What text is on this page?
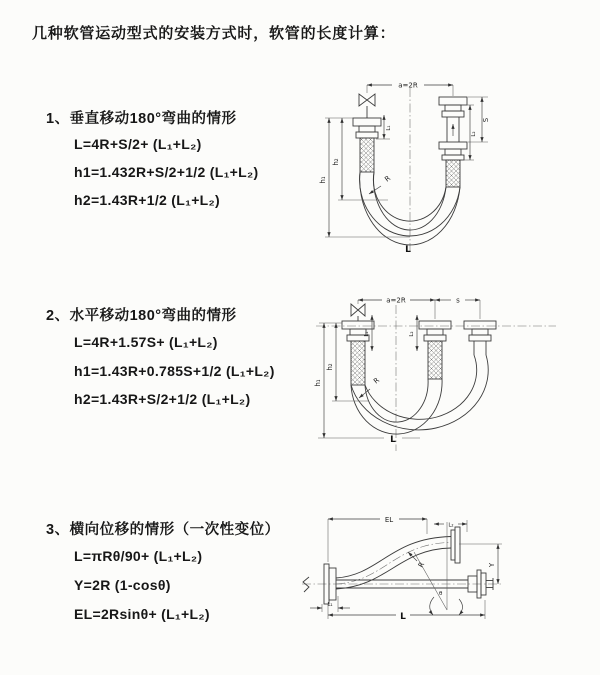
几种软管运动型式的安装方式时，软管的长度计算：
1、垂直移动180°弯曲的情形
L=4R+S/2+ (L₁+L₂)
h1=1.432R+S/2+1/2 (L₁+L₂)
h2=1.43R+1/2 (L₁+L₂)
2、水平移动180°弯曲的情形
L=4R+1.57S+ (L₁+L₂)
h1=1.43R+0.785S+1/2 (L₁+L₂)
h2=1.43R+S/2+1/2 (L₁+L₂)
3、横向位移的情形（一次性变位）
L=πRθ/90+ (L₁+L₂)
Y=2R (1-cosθ)
EL=2Rsinθ+ (L₁+L₂)
a=2R
h₁
h₂
L₁
S
L₂
R
L
a=2R	s
h₁
h₂
L₁	L₂
R
L
θ
R
EL
L₂
Y
L₁
L
